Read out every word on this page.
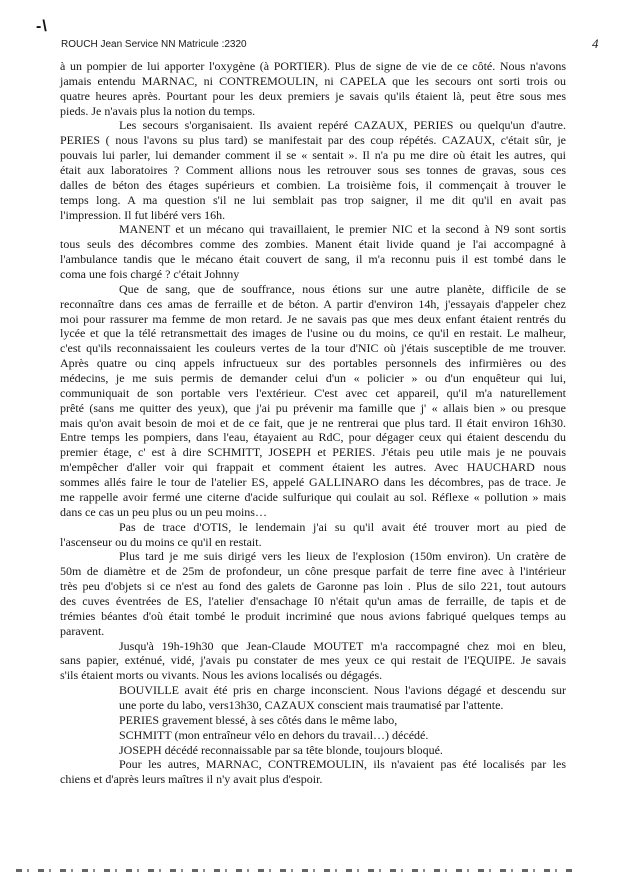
-\
ROUCH Jean Service NN Matricule :2320	4
à un pompier de lui apporter l'oxygène (à PORTIER). Plus de signe de vie de ce côté. Nous n'avons
jamais entendu MARNAC, ni CONTREMOULIN, ni CAPELA que les secours ont sorti trois ou
quatre heures après. Pourtant pour les deux premiers je savais qu'ils étaient là, peut être sous mes
pieds. Je n'avais plus la notion du temps.
Les secours s'organisaient. Ils avaient repéré CAZAUX, PERIES ou quelqu'un d'autre.
PERIES ( nous l'avons su plus tard) se manifestait par des coup répétés. CAZAUX, c'était sûr, je
pouvais lui parler, lui demander comment il se « sentait ». Il n'a pu me dire où était les autres, qui
était aux laboratoires ? Comment allions nous les retrouver sous ses tonnes de gravas, sous ces
dalles de béton des étages supérieurs et combien. La troisième fois, il commençait à trouver le
temps long. A ma question s'il ne lui semblait pas trop saigner, il me dit qu'il en avait pas
l'impression. Il fut libéré vers 16h.
MANENT et un mécano qui travaillaient, le premier NIC et la second à N9 sont sortis
tous seuls des décombres comme des zombies. Manent était livide quand je l'ai accompagné à
l'ambulance tandis que le mécano était couvert de sang, il m'a reconnu puis il est tombé dans le
coma une fois chargé ? c'était Johnny
Que de sang, que de souffrance, nous étions sur une autre planète, difficile de se
reconnaître dans ces amas de ferraille et de béton. A partir d'environ 14h, j'essayais d'appeler chez
moi pour rassurer ma femme de mon retard. Je ne savais pas que mes deux enfant étaient rentrés du
lycée et que la télé retransmettait des images de l'usine ou du moins, ce qu'il en restait. Le malheur,
c'est qu'ils reconnaissaient les couleurs vertes de la tour d'NIC où j'étais susceptible de me trouver.
Après quatre ou cinq appels infructueux sur des portables personnels des infirmières ou des
médecins, je me suis permis de demander celui d'un « policier » ou d'un enquêteur qui lui,
communiquait de son portable vers l'extérieur. C'est avec cet appareil, qu'il m'a naturellement
prêté (sans me quitter des yeux), que j'ai pu prévenir ma famille que j' « allais bien » ou presque
mais qu'on avait besoin de moi et de ce fait, que je ne rentrerai que plus tard. Il était environ 16h30.
Entre temps les pompiers, dans l'eau, étayaient au RdC, pour dégager ceux qui étaient descendu du
premier étage, c' est à dire SCHMITT, JOSEPH et PERIES. J'étais peu utile mais je ne pouvais
m'empêcher d'aller voir qui frappait et comment étaient les autres. Avec HAUCHARD nous
sommes allés faire le tour de l'atelier ES, appelé GALLINARO dans les décombres, pas de trace. Je
me rappelle avoir fermé une citerne d'acide sulfurique qui coulait au sol. Réflexe « pollution » mais
dans ce cas un peu plus ou un peu moins…
Pas de trace d'OTIS, le lendemain j'ai su qu'il avait été trouver mort au pied de
l'ascenseur ou du moins ce qu'il en restait.
Plus tard je me suis dirigé vers les lieux de l'explosion (150m environ). Un cratère de
50m de diamètre et de 25m de profondeur, un cône presque parfait de terre fine avec à l'intérieur
très peu d'objets si ce n'est au fond des galets de Garonne pas loin . Plus de silo 221, tout autours
des cuves éventrées de ES, l'atelier d'ensachage I0 n'était qu'un amas de ferraille, de tapis et de
trémies béantes d'où était tombé le produit incriminé que nous avions fabriqué quelques temps au
paravent.
Jusqu'à 19h-19h30 que Jean-Claude MOUTET m'a raccompagné chez moi en bleu,
sans papier, exténué, vidé, j'avais pu constater de mes yeux ce qui restait de l'EQUIPE. Je savais
s'ils étaient morts ou vivants. Nous les avions localisés ou dégagés.
BOUVILLE avait été pris en charge inconscient. Nous l'avions dégagé et descendu sur
une porte du labo, vers13h30, CAZAUX conscient mais traumatisé par l'attente.
PERIES gravement blessé, à ses côtés dans le même labo,
SCHMITT (mon entraîneur vélo en dehors du travail…) décédé.
JOSEPH décédé reconnaissable par sa tête blonde, toujours bloqué.
Pour les autres, MARNAC, CONTREMOULIN, ils n'avaient pas été localisés par les
chiens et d'après leurs maîtres il n'y avait plus d'espoir.
